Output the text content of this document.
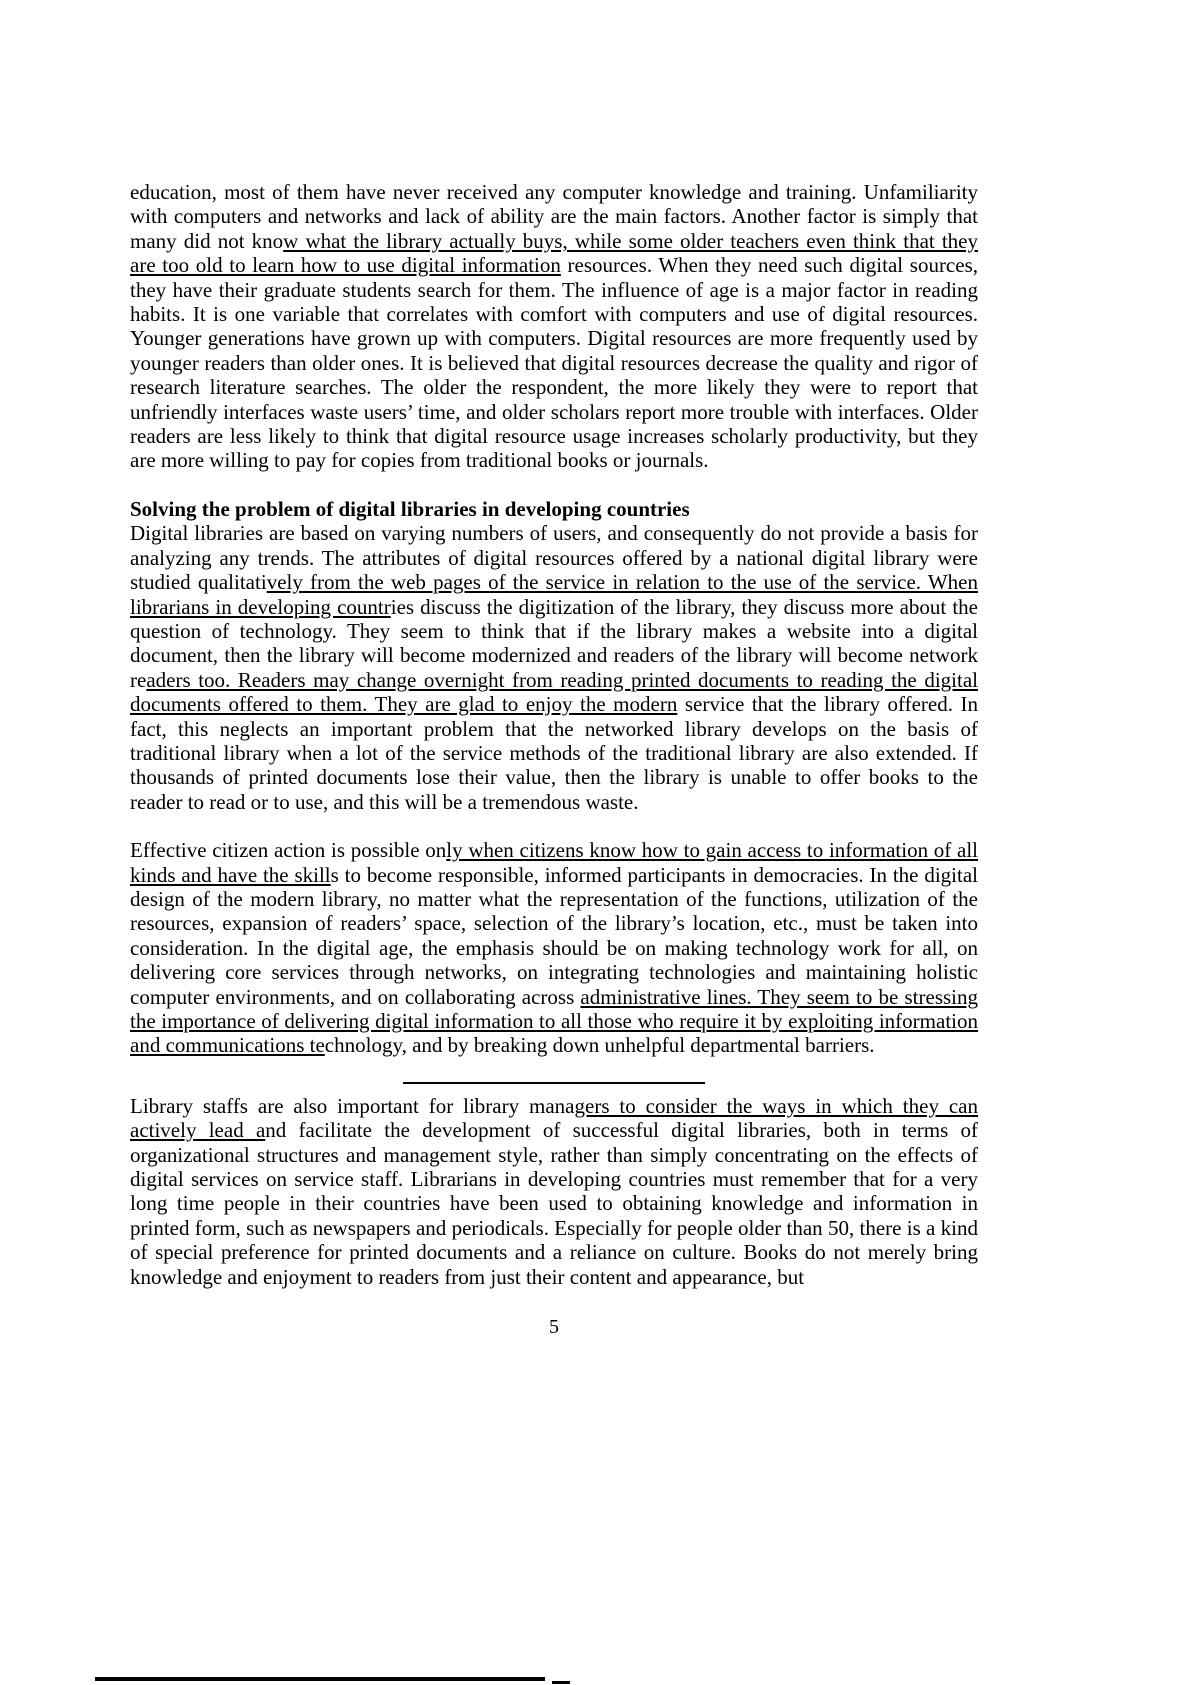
education, most of them have never received any computer knowledge and training. Unfamiliarity with computers and networks and lack of ability are the main factors. Another factor is simply that many did not know what the library actually buys, while some older teachers even think that they are too old to learn how to use digital information resources. When they need such digital sources, they have their graduate students search for them. The influence of age is a major factor in reading habits. It is one variable that correlates with comfort with computers and use of digital resources. Younger generations have grown up with computers. Digital resources are more frequently used by younger readers than older ones. It is believed that digital resources decrease the quality and rigor of research literature searches. The older the respondent, the more likely they were to report that unfriendly interfaces waste users’ time, and older scholars report more trouble with interfaces. Older readers are less likely to think that digital resource usage increases scholarly productivity, but they are more willing to pay for copies from traditional books or journals.

Solving the problem of digital libraries in developing countries

Digital libraries are based on varying numbers of users, and consequently do not provide a basis for analyzing any trends. The attributes of digital resources offered by a national digital library were studied qualitatively from the web pages of the service in relation to the use of the service. When librarians in developing countries discuss the digitization of the library, they discuss more about the question of technology. They seem to think that if the library makes a website into a digital document, then the library will become modernized and readers of the library will become network readers too. Readers may change overnight from reading printed documents to reading the digital documents offered to them. They are glad to enjoy the modern service that the library offered. In fact, this neglects an important problem that the networked library develops on the basis of traditional library when a lot of the service methods of the traditional library are also extended. If thousands of printed documents lose their value, then the library is unable to offer books to the reader to read or to use, and this will be a tremendous waste.

Effective citizen action is possible only when citizens know how to gain access to information of all kinds and have the skills to become responsible, informed participants in democracies. In the digital design of the modern library, no matter what the representation of the functions, utilization of the resources, expansion of readers’ space, selection of the library’s location, etc., must be taken into consideration. In the digital age, the emphasis should be on making technology work for all, on delivering core services through networks, on integrating technologies and maintaining holistic computer environments, and on collaborating across administrative lines. They seem to be stressing the importance of delivering digital information to all those who require it by exploiting information and communications technology, and by breaking down unhelpful departmental barriers.

Library staffs are also important for library managers to consider the ways in which they can actively lead and facilitate the development of successful digital libraries, both in terms of organizational structures and management style, rather than simply concentrating on the effects of digital services on service staff. Librarians in developing countries must remember that for a very long time people in their countries have been used to obtaining knowledge and information in printed form, such as newspapers and periodicals. Especially for people older than 50, there is a kind of special preference for printed documents and a reliance on culture. Books do not merely bring knowledge and enjoyment to readers from just their content and appearance, but

5
